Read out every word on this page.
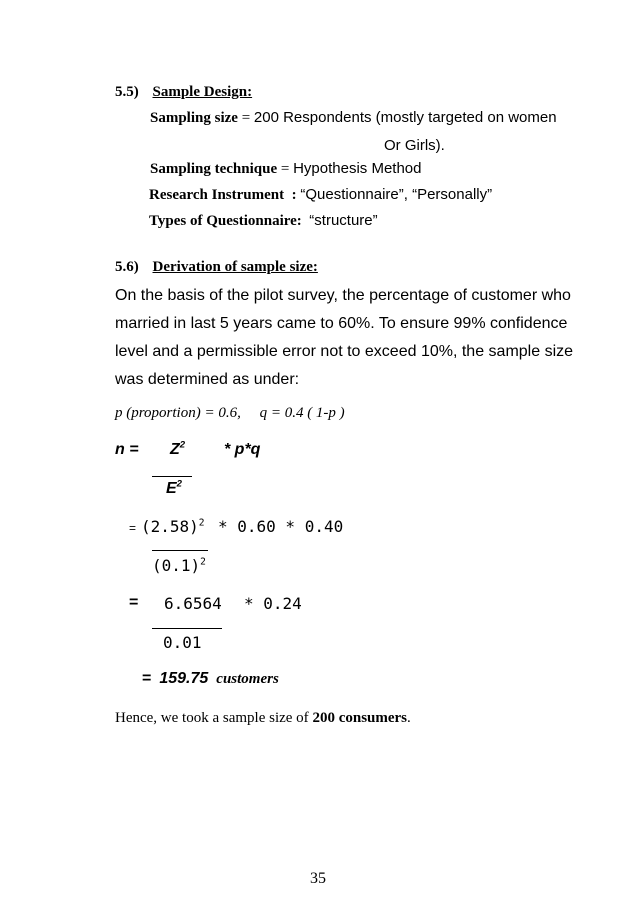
5.5) Sample Design:
Sampling size = 200 Respondents (mostly targeted on women
Or Girls).
Sampling technique = Hypothesis Method
Research Instrument  : “Questionnaire”, “Personally”
Types of Questionnaire: “structure”
5.6) Derivation of sample size:
On the basis of the pilot survey, the percentage of customer who
married in last 5 years came to 60%. To ensure 99% confidence
level and a permissible error not to exceed 10%, the sample size
was determined as under:
p (proportion) = 0.6,     q = 0.4 ( 1-p )
$n = Z^2 * p*q$
$E^2$
= $(2.58)^2 * 0.60 * 0.40$
$(0.1)^2$
= 6.6564 * 0.24
0.01
= 159.75 customers
Hence, we took a sample size of 200 consumers.
35
